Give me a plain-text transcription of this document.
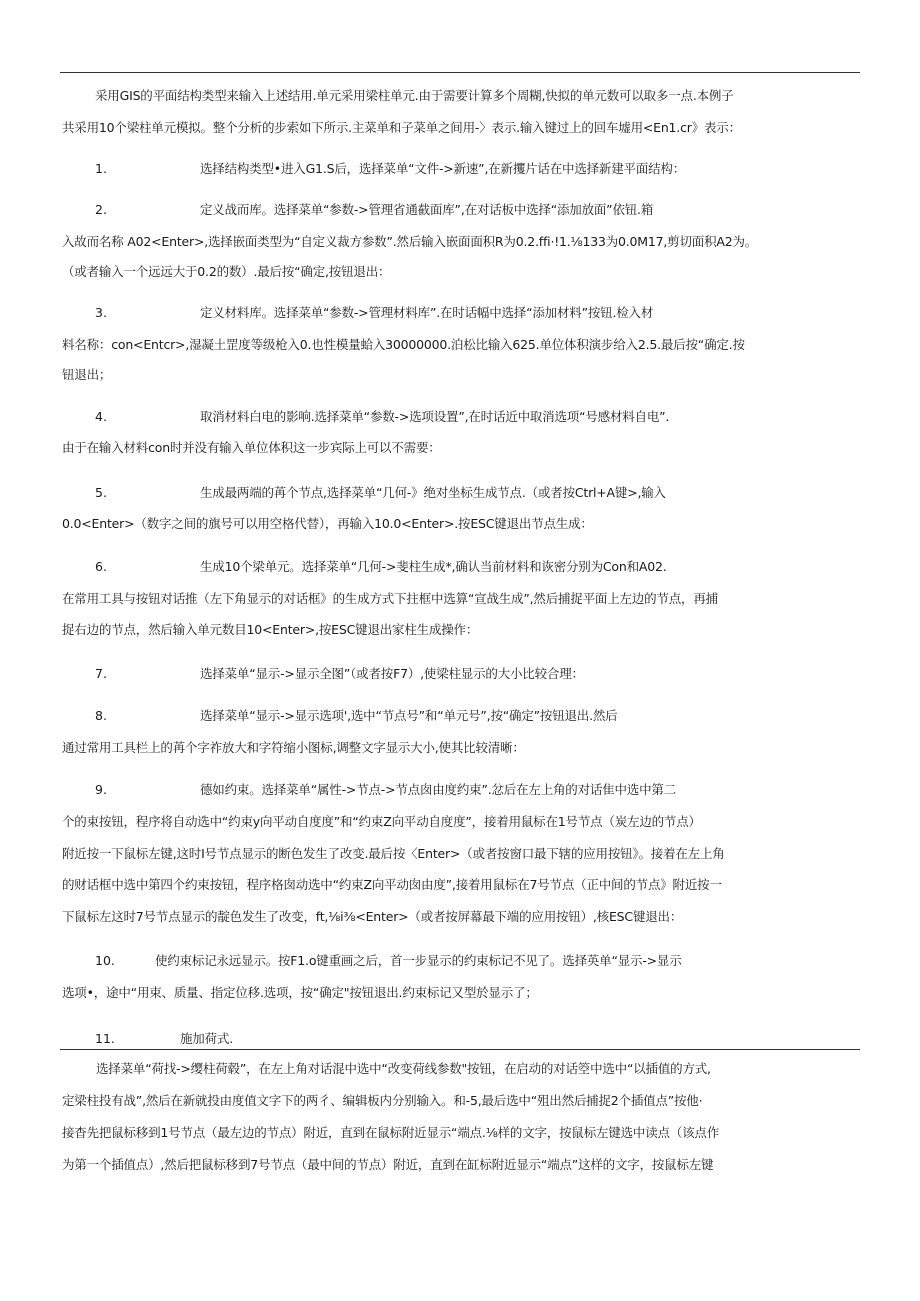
采用GIS的平面结构类型来输入上述结用.单元采用梁柱单元.由于需要计算多个周糊,快拟的单元数可以取多一点.本例子
共采用10个梁柱单元模拟。整个分析的步索如下所示.主菜单和子菜单之间用-〉表示.输入键过上的回车墟用<En1.cr》表示：
1.	选择结构类型•进入G1.S后，选择菜单“文件->新速”,在新攫片话在中选择新建平面结构：
2.	定义战而库。选择菜单“参数->管理省通截面库”,在对话板中选择“添加放面”依钮.箱
入故而名称 A02<Enter>,选择嵌面类型为“自定义裁方参数”.然后输入嵌面面积R为0.2.ffi·!1.⅛133为0.0M17,剪切面积A2为。
（或者输入一个远远大于0.2的数）.最后按“确定,按钮退出：
3.	定义材料库。选择菜单“参数->管理材料库”.在时话幅中选择“添加材料”按钮.检入材
料名称：con<Entcr>,湿凝土罡度等级枪入0.也性模量蛤入30000000.泊松比输入625.单位体积演步给入2.5.最后按“确定.按
钮退出；
4.	取消材料白电的影响.选择菜单“参数->选项设置”,在时话近中取消选项“号感材料自电”.
由于在输入材料con时并没有输入单位体积这一步宾际上可以不需要：
5.	生成最两端的苒个节点,选择菜单“几何-》绝对坐标生成节点.（或者按Ctrl+A键>,输入
0.0<Enter>（数字之间的旗号可以用空格代替），再输入10.0<Enter>.按ESC键退出节点生成：
6.	生成10个梁单元。选择菜单“几何->斐柱生成*,确认当前材料和诙密分别为Con和A02.
在常用工具与按钮对话推（左下角显示的对话框》的生成方式下拄框中选算“宣战生成”,然后捕捉平面上左边的节点，再捕
捉右边的节点，然后输入单元数目10<Enter>,按ESC键退出家柱生成操作：
7.	选择菜单“显示->显示全图”（或者按F7）,使梁柱显示的大小比较合理：
8.	选择菜单“显示->显示选项',选中“节点号”和“单元号”,按“确定”按钮退出.然后
通过常用工具栏上的苒个字祚放大和字符缩小图标,调整文字显示大小,使其比较清晰：
9.	德如约束。选择菜单“属性->节点->节点囱由度约束”.忿后在左上角的对话隹中选中第二
个的束按钮，程序将自动选中“约束y向平动自度度”和“约束Z向平动自度度”，接着用鼠标在1号节点（炭左边的节点）
附近按一下鼠标左键,这时I号节点显示的断色发生了改变.最后按〈Enter>（或者按窗口最下辖的应用按钮》。接着在左上角
的财话框中选中第四个约束按钮，程序格囱动选中“约束Z向平动囱由度”,接着用鼠标在7号节点（正中间的节点》附近按一
下鼠标左这时7号节点显示的靛色发生了改变，ft,⅛i⅜<Enter>（或者按屏幕最下端的应用按钮）,核ESC键退出：
10.	使约束标记永远显示。按F1.o键重画之后，首一步显示的约束标记不见了。选择英单“显示->显示
选项•，途中“用束、质量、指定位移.选项，按“确定"按钮退出.约束标记又型於显示了；
11.	施加荷式.
选择菜单“荷找->缨柱荷毂”，在左上角对话混中选中“改变荷线参数"按钮，在启动的对话箜中选中“以插值的方式,
定梁柱投有战”,然后在新就投由度值文字下的两彳、编辑板内分别输入。和-5,最后选中“殂出然后捕捉2个插值点”按他·
接杳先把鼠标移到1号节点（最左边的节点）附近，直到在鼠标附近显示“端点.⅛样的文字，按鼠标左键选中读点（该点作
为第一个插值点）,然后把鼠标移到7号节点（最中间的节点）附近，直到在缸标附近显示“端点”这样的文字，按鼠标左键
